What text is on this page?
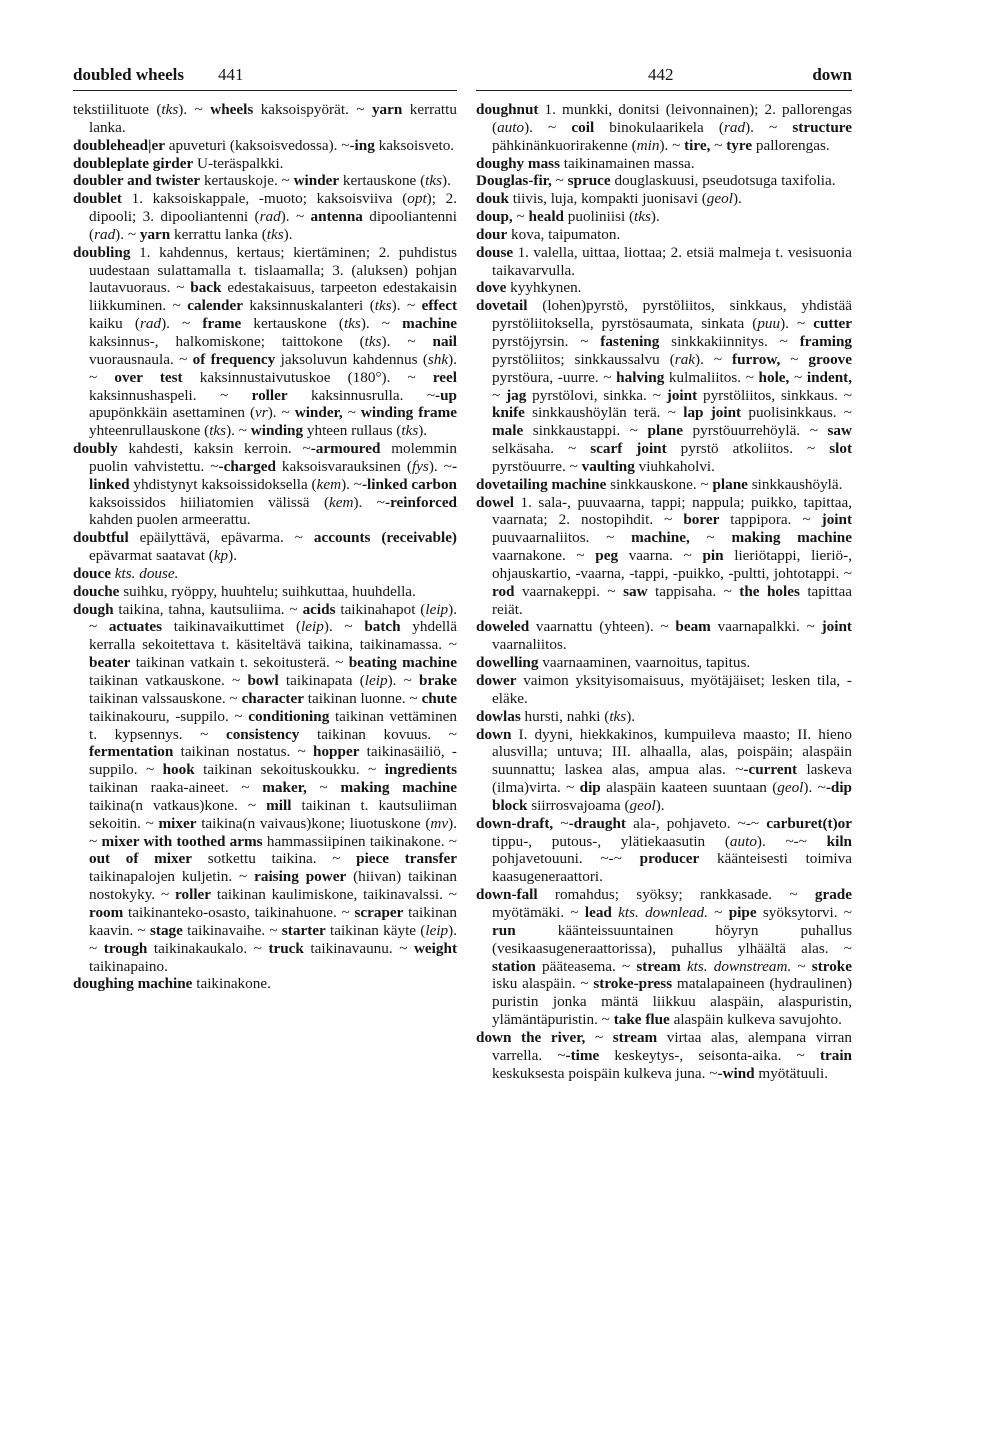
doubled wheels 441	442	down

tekstiilituote (tks). ~ wheels kaksoispyörät. ~ yarn kerrattu lanka.

doublehead|er apuveturi (kaksoisvedossa). ~-ing kaksoisveto.

doubleplate girder U-teräspalkki.

doubler and twister kertauskoje. ~ winder kertauskone (tks).

doublet 1. kaksoiskappale, -muoto; kaksoisviiva (opt); 2. dipooli; 3. dipooliantenni (rad). ~ antenna dipooliantenni (rad). ~ yarn kerrattu lanka (tks).

doubling 1. kahdennus, kertaus; kiertäminen; 2. puhdistus uudestaan sulattamalla t. tislaamalla; 3. (aluksen) pohjan lautavuoraus. ~ back edestakaisuus, tarpeeton edestakaisin liikkuminen. ~ calender kaksinnuskalanteri (tks). ~ effect kaiku (rad). ~ frame kertauskone (tks). ~ machine kaksinnus-, halkomiskone; taittokone (tks). ~ nail vuorausnaula. ~ of frequency jaksoluvun kahdennus (shk). ~ over test kaksinnustaivutuskoe (180°). ~ reel kaksinnushaspeli. ~ roller kaksinnusrulla. ~-up apupönkkäin asettaminen (vr). ~ winder, ~ winding frame yhteenrullauskone (tks). ~ winding yhteen rullaus (tks).

doubly kahdesti, kaksin kerroin. ~-armoured molemmin puolin vahvistettu. ~-charged kaksoisvarauksinen (fys). ~-linked yhdistynyt kaksoissidoksella (kem). ~-linked carbon kaksoissidos hiiliatomien välissä (kem). ~-reinforced kahden puolen armeerattu.

doubtful epäilyttävä, epävarma. ~ accounts (receivable) epävarmat saatavat (kp).

douce kts. douse.

douche suihku, ryöppy, huuhtelu; suihkuttaa, huuhdella.

dough taikina, tahna, kautsuliima. ~ acids taikinahapot (leip). ~ actuates taikinavaikuttimet (leip). ~ batch yhdellä kerralla sekoitettava t. käsiteltävä taikina, taikinamassa. ~ beater taikinan vatkain t. sekoitusterä. ~ beating machine taikinan vatkauskone. ~ bowl taikinapata (leip). ~ brake taikinan valssauskone. ~ character taikinan luonne. ~ chute taikinakouru, -suppilo. ~ conditioning taikinan vettäminen t. kypsennys. ~ consistency taikinan kovuus. ~ fermentation taikinan nostatus. ~ hopper taikinasäiliö, -suppilo. ~ hook taikinan sekoituskoukku. ~ ingredients taikinan raaka-aineet. ~ maker, ~ making machine taikina(n vatkaus)kone. ~ mill taikinan t. kautsuliiman sekoitin. ~ mixer taikina(n vaivaus)kone; liuotuskone (mv). ~ mixer with toothed arms hammassiipinen taikinakone. ~ out of mixer sotkettu taikina. ~ piece transfer taikinapalojen kuljetin. ~ raising power (hiivan) taikinan nostokyky. ~ roller taikinan kaulimiskone, taikinavalssi. ~ room taikinanteko-osasto, taikinahuone. ~ scraper taikinan kaavin. ~ stage taikinavaihe. ~ starter taikinan käyte (leip). ~ trough taikinakaukalo. ~ truck taikinavaunu. ~ weight taikinapaino.

doughing machine taikinakone.

doughnut 1. munkki, donitsi (leivonnainen); 2. pallorengas (auto). ~ coil binokulaarikela (rad). ~ structure pähkinänkuorirakenne (min). ~ tire, ~ tyre pallorengas.

doughy mass taikinamainen massa.

Douglas-fir, ~ spruce douglaskuusi, pseudotsuga taxifolia.

douk tiivis, luja, kompakti juonisavi (geol).

doup, ~ heald puoliniisi (tks).

dour kova, taipumaton.

douse 1. valella, uittaa, liottaa; 2. etsiä malmeja t. vesisuonia taikavarvulla.

dove kyyhkynen.

dovetail (lohen)pyrstö, pyrstöliitos, sinkkaus, yhdistää pyrstöliitoksella, pyrstösaumata, sinkata (puu). ~ cutter pyrstöjyrsin. ~ fastening sinkkakiinnitys. ~ framing pyrstöliitos; sinkkaussalvu (rak). ~ furrow, ~ groove pyrstöura, -uurre. ~ halving kulmaliitos. ~ hole, ~ indent, ~ jag pyrstölovi, sinkka. ~ joint pyrstöliitos, sinkkaus. ~ knife sinkkaushöylän terä. ~ lap joint puolisinkkaus. ~ male sinkkaustappi. ~ plane pyrstöuurrehöylä. ~ saw selkäsaha. ~ scarf joint pyrstö atkoliitos. ~ slot pyrstöuurre. ~ vaulting viuhkaholvi.

dovetailing machine sinkkauskone. ~ plane sinkkaushöylä.

dowel 1. sala-, puuvaarna, tappi; nappula; puikko, tapittaa, vaarnata; 2. nostopihdit. ~ borer tappipora. ~ joint puuvaarnaliitos. ~ machine, ~ making machine vaarnakone. ~ peg vaarna. ~ pin lieriötappi, lieriö-, ohjauskartio, -vaarna, -tappi, -puikko, -pultti, johtotappi. ~ rod vaarnakeppi. ~ saw tappisaha. ~ the holes tapittaa reiät.

doweled vaarnattu (yhteen). ~ beam vaarnapalkki. ~ joint vaarnaliitos.

dowelling vaarnaaminen, vaarnoitus, tapitus.

dower vaimon yksityisomaisuus, myötäjäiset; lesken tila, -eläke.

dowlas hursti, nahki (tks).

down I. dyyni, hiekkakinos, kumpuileva maasto; II. hieno alusvilla; untuva; III. alhaalla, alas, poispäin; alaspäin suunnattu; laskea alas, ampua alas. ~-current laskeva (ilma)virta. ~ dip alaspäin kaateen suuntaan (geol). ~-dip block siirrosvajoama (geol).

down-draft, ~-draught ala-, pohjaveto. ~-~ carburet(t)or tippu-, putous-, ylätiekaasutin (auto). ~-~ kiln pohjavetouuni. ~-~ producer käänteisesti toimiva kaasugeneraattori.

down-fall romahdus; syöksy; rankkasade. ~ grade myötämäki. ~ lead kts. downlead. ~ pipe syöksytorvi. ~ run käänteissuuntainen höyryn puhallus (vesikaasugeneraattorissa), puhallus ylhäältä alas. ~ station pääteasema. ~ stream kts. downstream. ~ stroke isku alaspäin. ~ stroke-press matalapaineen (hydraulinen) puristin jonka mäntä liikkuu alaspäin, alaspuristin, ylämäntäpuristin. ~ take flue alaspäin kulkeva savujohto.

down the river, ~ stream virtaa alas, alempana virran varrella. ~-time keskeytys-, seisonta-aika. ~ train keskuksesta poispäin kulkeva juna. ~-wind myötätuuli.
